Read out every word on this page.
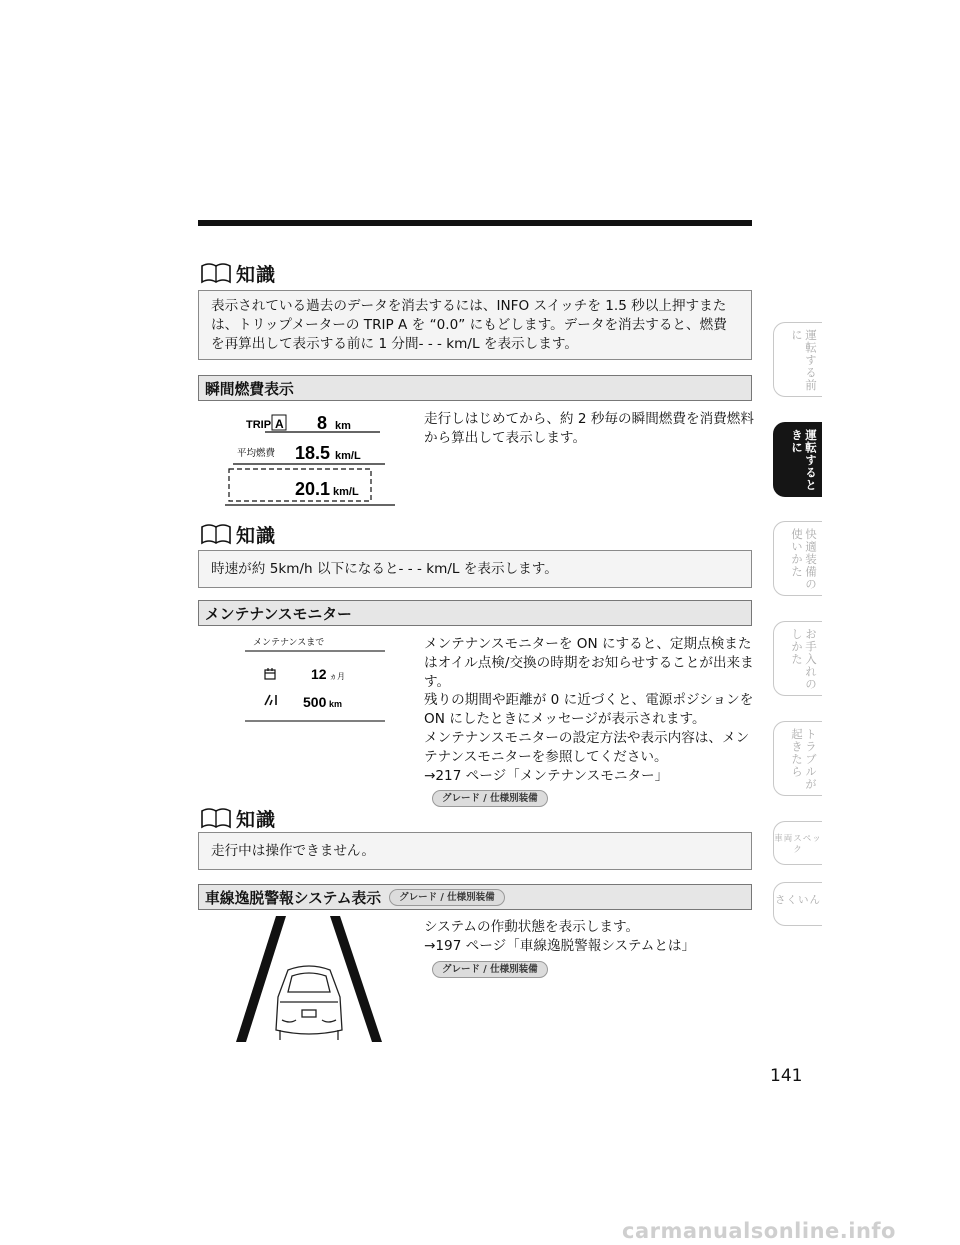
知識

表示されている過去のデータを消去するには、INFO スイッチを 1.5 秒以上押すまたは、トリップメーターの TRIP A を “0.0” にもどします。データを消去すると、燃費を再算出して表示する前に 1 分間- - - km/L を表示します。

瞬間燃費表示
TRIP A 8 km
平均燃費 18.5 km/L
20.1 km/L

走行しはじめてから、約 2 秒毎の瞬間燃費を消費燃料から算出して表示します。

知識

時速が約 5km/h 以下になると- - - km/L を表示します。

メンテナンスモニター
メンテナンスまで
12 ヵ月
500 km

メンテナンスモニターを ON にすると、定期点検またはオイル点検/交換の時期をお知らせすることが出来ます。

残りの期間や距離が 0 に近づくと、電源ポジションを ON にしたときにメッセージが表示されます。

メンテナンスモニターの設定方法や表示内容は、メンテナンスモニターを参照してください。

→217 ページ「メンテナンスモニター」

グレード / 仕様別装備

知識

走行中は操作できません。

車線逸脱警報システム表示	グレード / 仕様別装備

システムの作動状態を表示します。

→197 ページ「車線逸脱警報システムとは」

グレード / 仕様別装備

運転する前に
運転するときに
快適装備の使いかた
お手入れのしかた
トラブルが起きたら
車両スペック
さくいん
141
carmanualsonline.info
